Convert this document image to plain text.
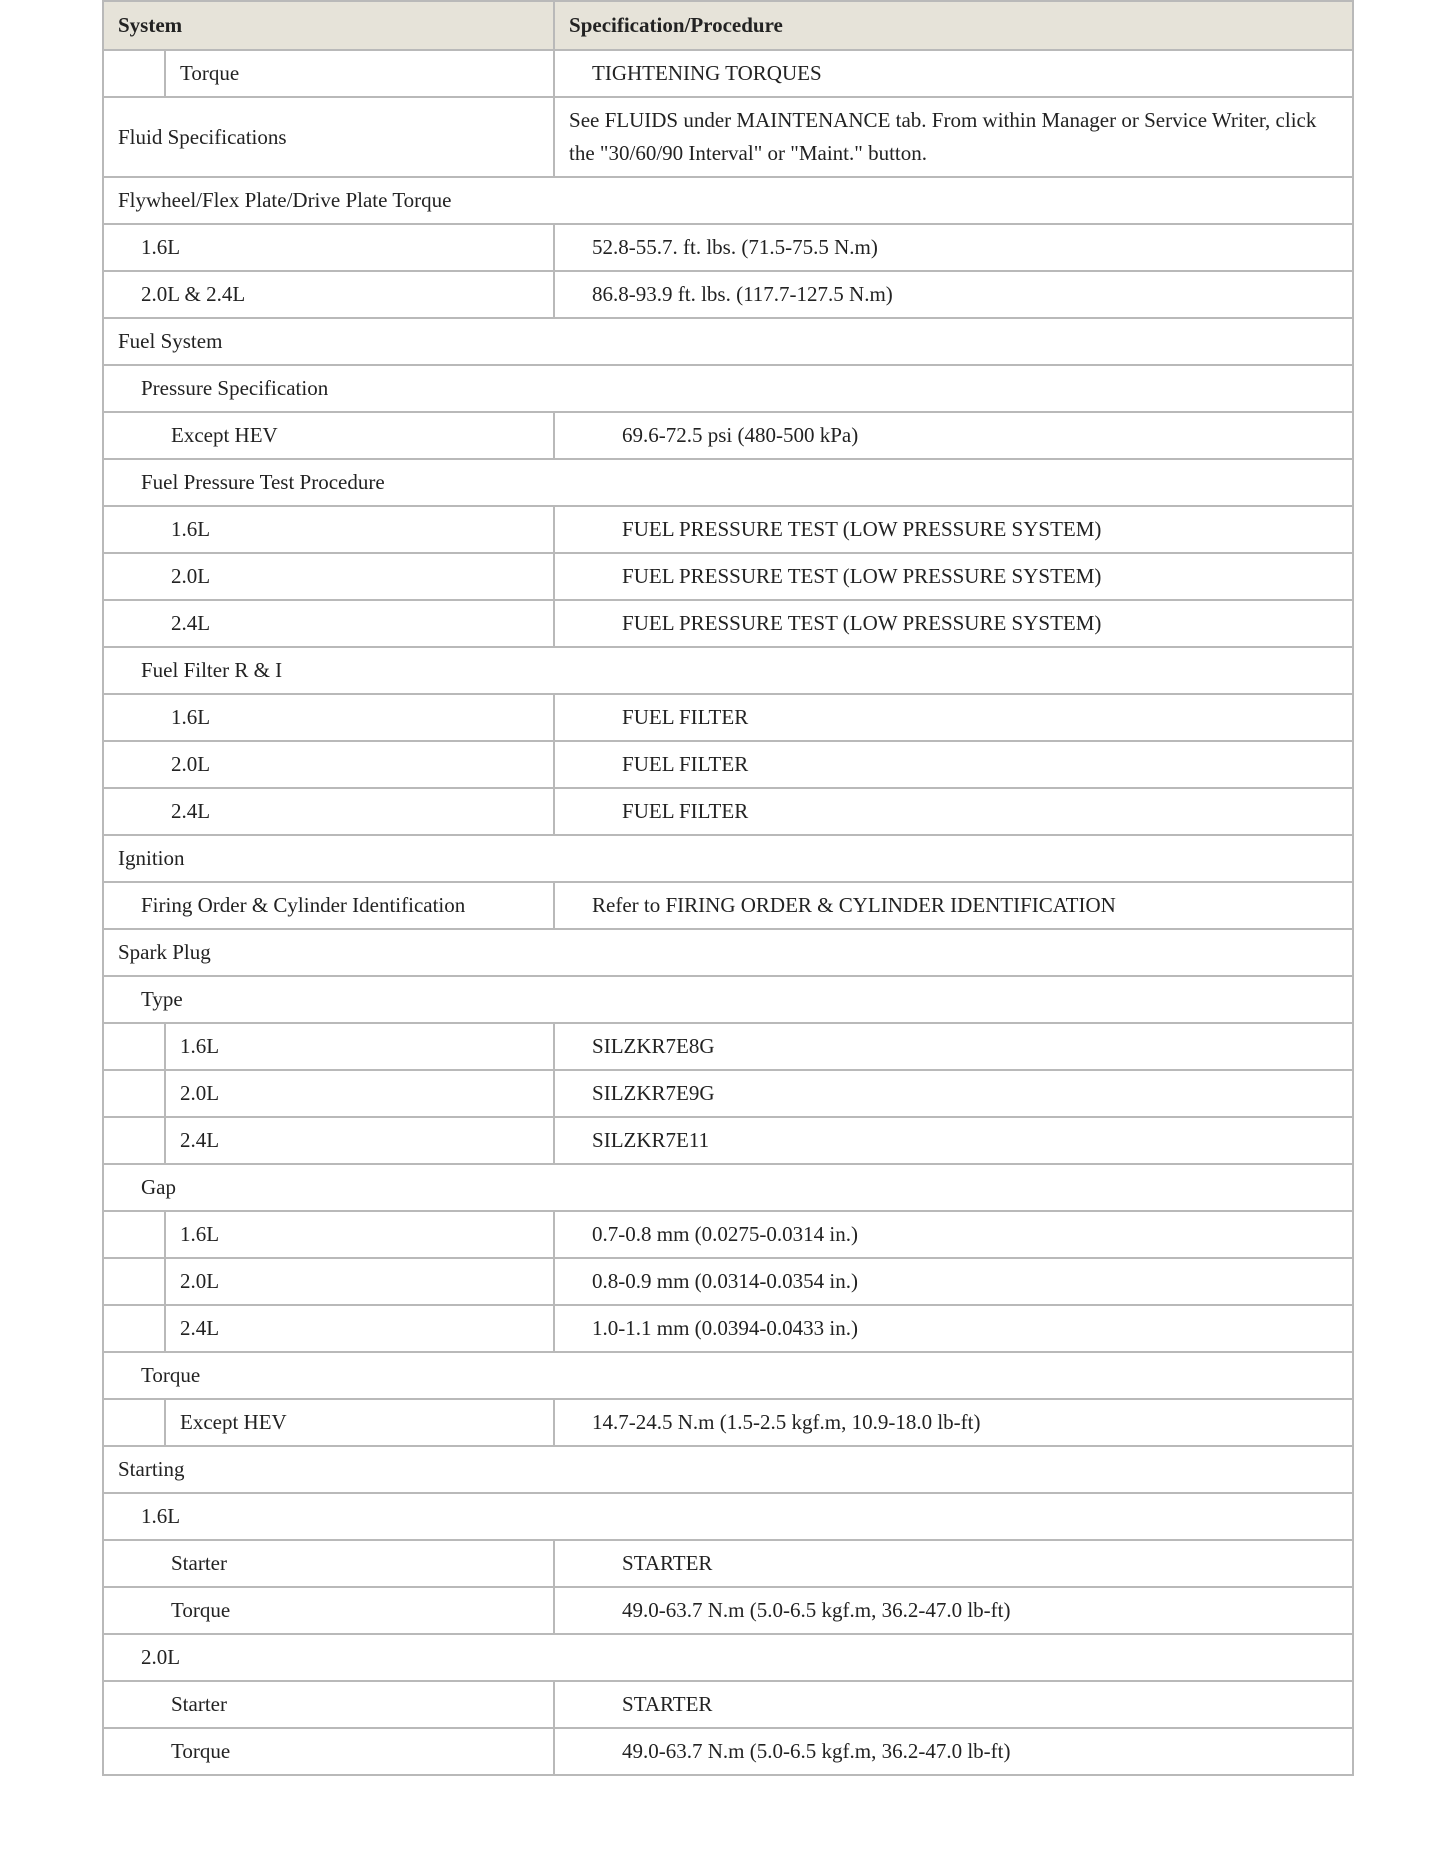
System		Specification/Procedure
	Torque	TIGHTENING TORQUES
Fluid Specifications		See FLUIDS under MAINTENANCE tab. From within Manager or Service Writer, click the "30/60/90 Interval" or "Maint." button.
Flywheel/Flex Plate/Drive Plate Torque		
1.6L		52.8-55.7. ft. lbs. (71.5-75.5 N.m)
2.0L & 2.4L		86.8-93.9 ft. lbs. (117.7-127.5 N.m)
Fuel System		
Pressure Specification		
Except HEV		69.6-72.5 psi (480-500 kPa)
Fuel Pressure Test Procedure		
1.6L		FUEL PRESSURE TEST (LOW PRESSURE SYSTEM)
2.0L		FUEL PRESSURE TEST (LOW PRESSURE SYSTEM)
2.4L		FUEL PRESSURE TEST (LOW PRESSURE SYSTEM)
Fuel Filter R & I		
1.6L		FUEL FILTER
2.0L		FUEL FILTER
2.4L		FUEL FILTER
Ignition		
Firing Order & Cylinder Identification		Refer to FIRING ORDER & CYLINDER IDENTIFICATION
Spark Plug		
Type		
	1.6L	SILZKR7E8G
	2.0L	SILZKR7E9G
	2.4L	SILZKR7E11
Gap		
	1.6L	0.7-0.8 mm (0.0275-0.0314 in.)
	2.0L	0.8-0.9 mm (0.0314-0.0354 in.)
	2.4L	1.0-1.1 mm (0.0394-0.0433 in.)
Torque		
	Except HEV	14.7-24.5 N.m (1.5-2.5 kgf.m, 10.9-18.0 lb-ft)
Starting		
1.6L		
Starter		STARTER
Torque		49.0-63.7 N.m (5.0-6.5 kgf.m, 36.2-47.0 lb-ft)
2.0L		
Starter		STARTER
Torque		49.0-63.7 N.m (5.0-6.5 kgf.m, 36.2-47.0 lb-ft)
